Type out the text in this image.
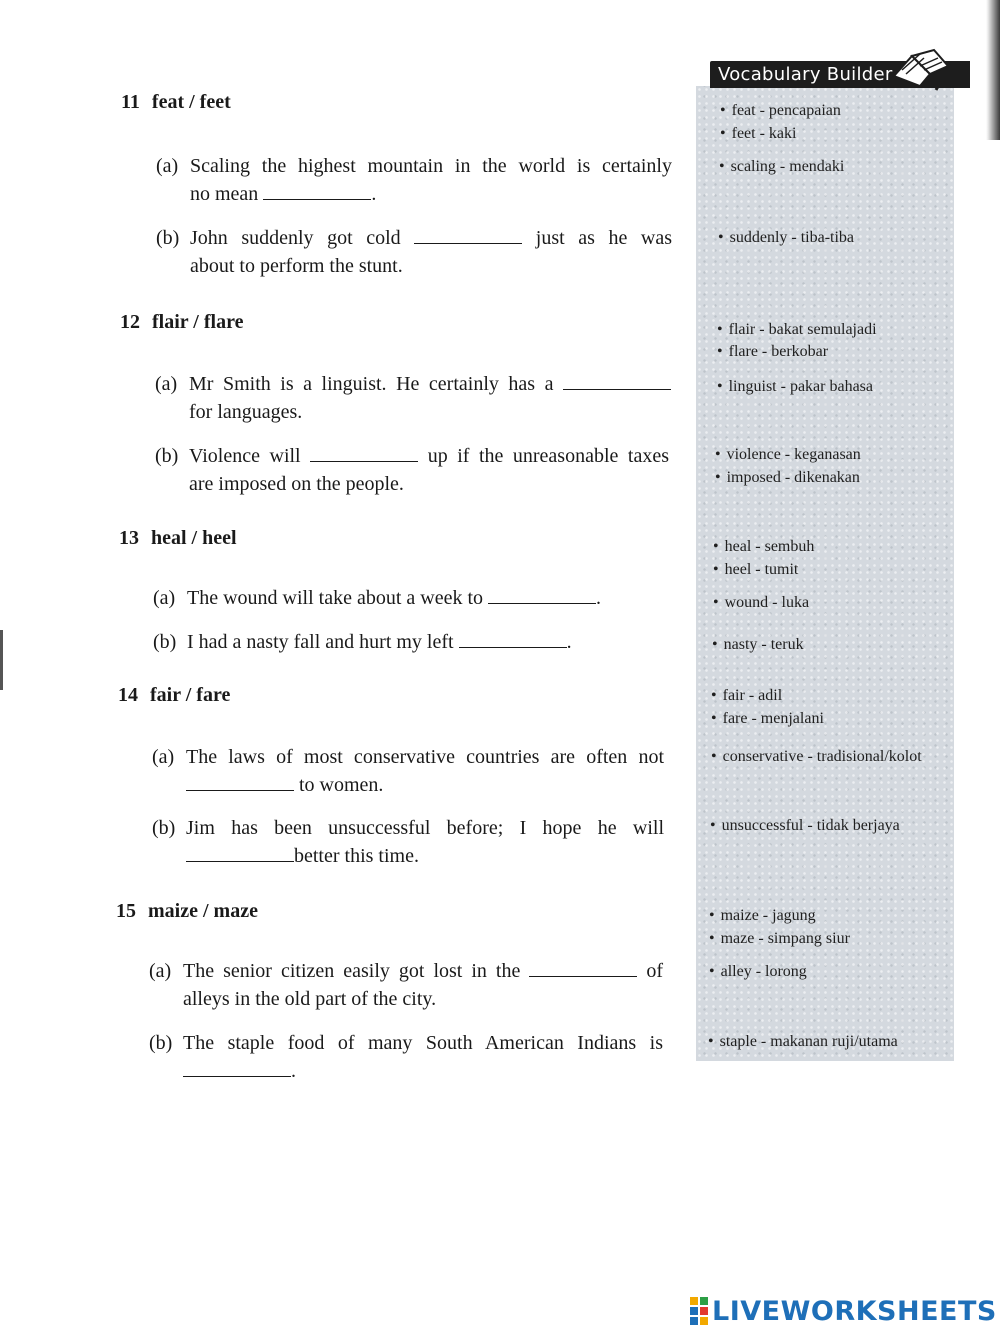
Vocabulary Builder
• feat - pencapaian
• feet - kaki
• scaling - mendaki
• suddenly - tiba-tiba
• flair - bakat semulajadi
• flare - berkobar
• linguist - pakar bahasa
• violence - keganasan
• imposed - dikenakan
• heal - sembuh
• heel - tumit
• wound - luka
• nasty - teruk
• fair - adil
• fare - menjalani
• conservative - tradisional/kolot
• unsuccessful - tidak berjaya
• maize - jagung
• maze - simpang siur
• alley - lorong
• staple - makanan ruji/utama
11 feat / feet
(a) Scaling the highest mountain in the world is certainly
no mean	.
(b) John suddenly got cold	just as he was
about to perform the stunt.
12 flair / flare
(a) Mr Smith is a linguist. He certainly has a
for languages.
(b) Violence will	up if the unreasonable taxes
are imposed on the people.
13 heal / heel
(a) The wound will take about a week to	.
(b) I had a nasty fall and hurt my left	.
14 fair / fare
(a) The laws of most conservative countries are often not
to women.
(b) Jim has been unsuccessful before; I hope he will
better this time.
15 maize / maze
(a) The senior citizen easily got lost in the	of
alleys in the old part of the city.
(b) The staple food of many South American Indians is
.
LIVEWORKSHEETS
